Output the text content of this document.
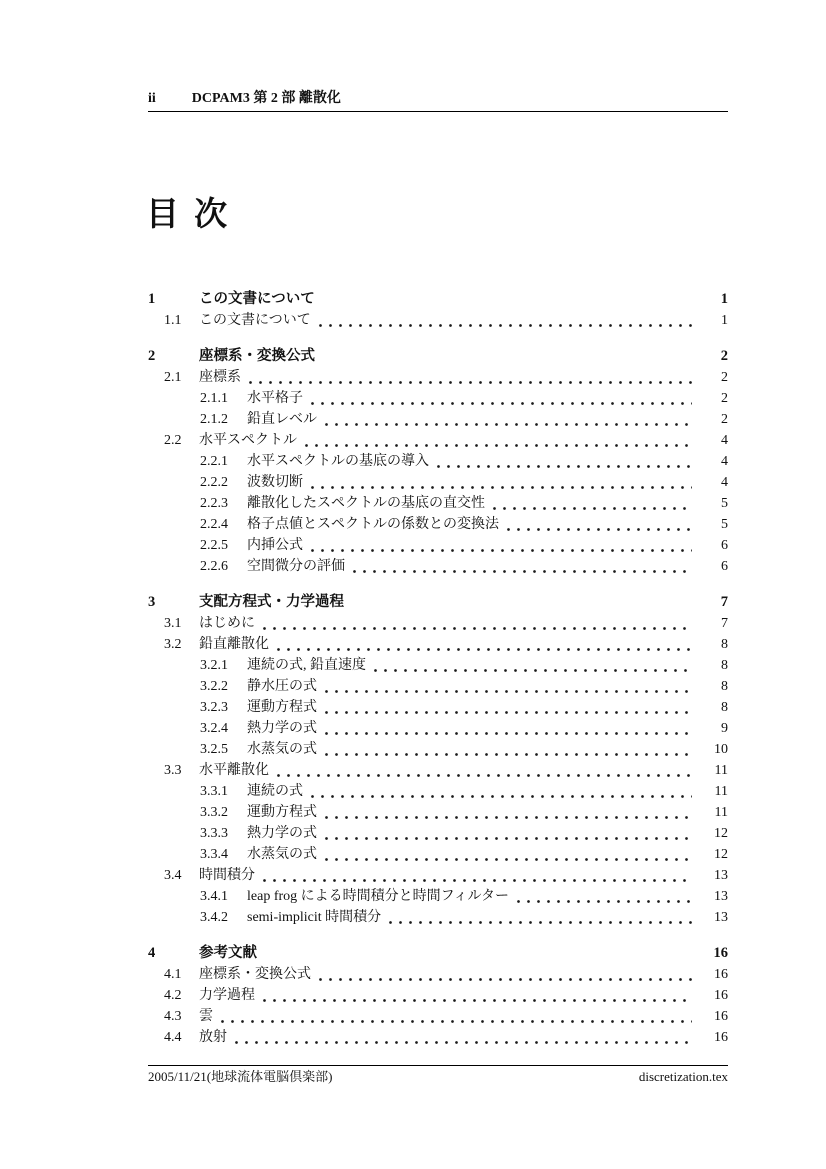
ii	DCPAM3 第 2 部 離散化
目 次
1	この文書について	1
1.1	この文書について	1
2	座標系・変換公式	2
2.1	座標系	2
2.1.1	水平格子	2
2.1.2	鉛直レベル	2
2.2	水平スペクトル	4
2.2.1	水平スペクトルの基底の導入	4
2.2.2	波数切断	4
2.2.3	離散化したスペクトルの基底の直交性	5
2.2.4	格子点値とスペクトルの係数との変換法	5
2.2.5	内挿公式	6
2.2.6	空間微分の評価	6
3	支配方程式・力学過程	7
3.1	はじめに	7
3.2	鉛直離散化	8
3.2.1	連続の式, 鉛直速度	8
3.2.2	静水圧の式	8
3.2.3	運動方程式	8
3.2.4	熱力学の式	9
3.2.5	水蒸気の式	10
3.3	水平離散化	11
3.3.1	連続の式	11
3.3.2	運動方程式	11
3.3.3	熱力学の式	12
3.3.4	水蒸気の式	12
3.4	時間積分	13
3.4.1	leap frog による時間積分と時間フィルター	13
3.4.2	semi-implicit 時間積分	13
4	参考文献	16
4.1	座標系・変換公式	16
4.2	力学過程	16
4.3	雲	16
4.4	放射	16
2005/11/21(地球流体電脳倶楽部)	discretization.tex
